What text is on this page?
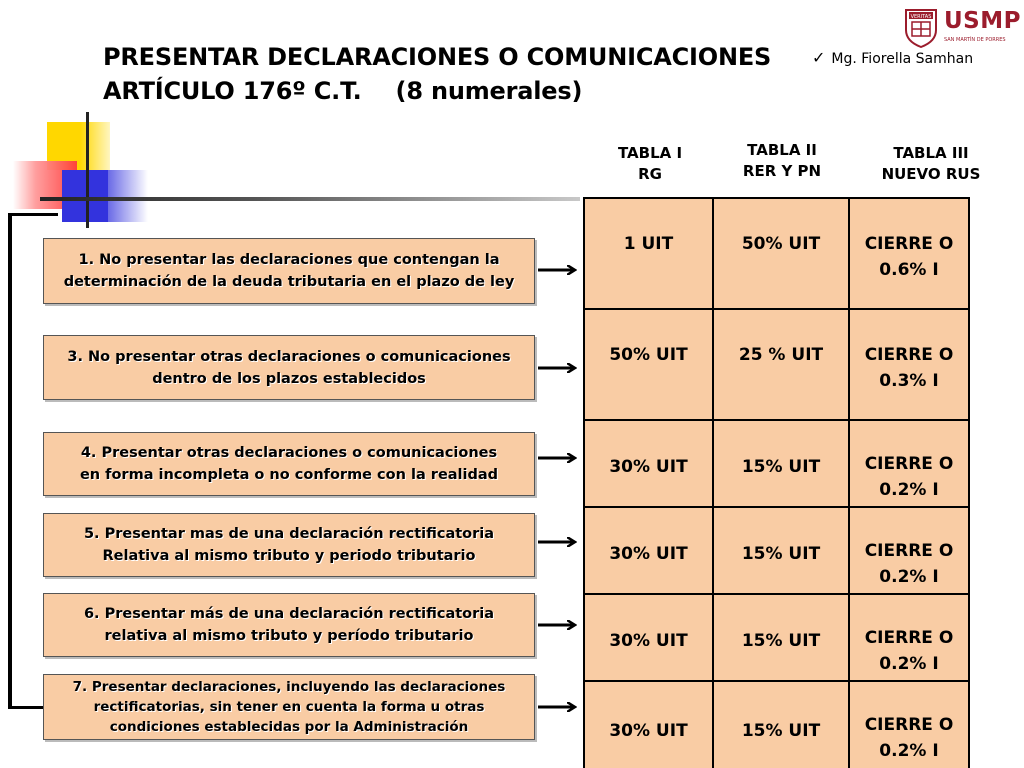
PRESENTAR DECLARACIONES O COMUNICACIONES
ARTÍCULO 176º C.T. (8 numerales)
✓ Mg. Fiorella Samhan
VERITAS USMP
SAN MARTÍN DE PORRES
TABLA I
RG
TABLA II
RER Y PN
TABLA III
NUEVO RUS
1. No presentar las declaraciones que contengan la
determinación de la deuda tributaria en el plazo de ley
3. No presentar otras declaraciones o comunicaciones
dentro de los plazos establecidos
4. Presentar otras declaraciones o comunicaciones
en forma incompleta o no conforme con la realidad
5. Presentar mas de una declaración rectificatoria
Relativa al mismo tributo y periodo tributario
6. Presentar más de una declaración rectificatoria
relativa al mismo tributo y período tributario
7. Presentar declaraciones, incluyendo las declaraciones
rectificatorias, sin tener en cuenta la forma u otras
condiciones establecidas por la Administración
1 UIT	50% UIT	CIERRE O
0.6% I

50% UIT	25 % UIT	CIERRE O
0.3% I

30% UIT	15% UIT	CIERRE O
0.2% I

30% UIT	15% UIT	CIERRE O
0.2% I

30% UIT	15% UIT	CIERRE O
0.2% I

30% UIT	15% UIT	CIERRE O
0.2% I
